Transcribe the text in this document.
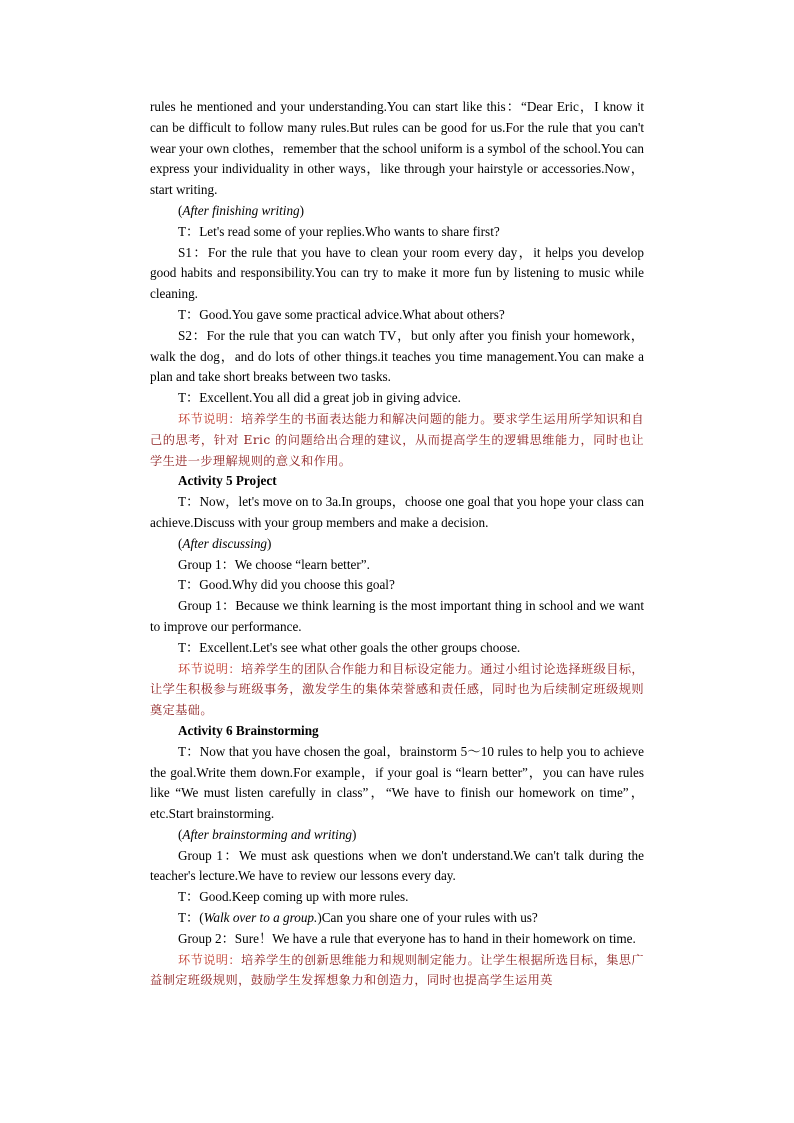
rules he mentioned and your understanding.You can start like this：“Dear Eric，I know it can be difficult to follow many rules.But rules can be good for us.For the rule that you can't wear your own clothes，remember that the school uniform is a symbol of the school.You can express your individuality in other ways，like through your hairstyle or accessories.Now，start writing.

(After finishing writing)

T：Let's read some of your replies.Who wants to share first?

S1：For the rule that you have to clean your room every day，it helps you develop good habits and responsibility.You can try to make it more fun by listening to music while cleaning.

T：Good.You gave some practical advice.What about others?

S2：For the rule that you can watch TV，but only after you finish your homework，walk the dog，and do lots of other things.it teaches you time management.You can make a plan and take short breaks between two tasks.

T：Excellent.You all did a great job in giving advice.

环节说明：培养学生的书面表达能力和解决问题的能力。要求学生运用所学知识和自己的思考，针对 Eric 的问题给出合理的建议，从而提高学生的逻辑思维能力，同时也让学生进一步理解规则的意义和作用。

Activity 5 Project

T：Now，let's move on to 3a.In groups，choose one goal that you hope your class can achieve.Discuss with your group members and make a decision.

(After discussing)

Group 1：We choose “learn better”.

T：Good.Why did you choose this goal?

Group 1：Because we think learning is the most important thing in school and we want to improve our performance.

T：Excellent.Let's see what other goals the other groups choose.

环节说明：培养学生的团队合作能力和目标设定能力。通过小组讨论选择班级目标，让学生积极参与班级事务，激发学生的集体荣誉感和责任感，同时也为后续制定班级规则奠定基础。

Activity 6 Brainstorming

T：Now that you have chosen the goal，brainstorm 5～10 rules to help you to achieve the goal.Write them down.For example，if your goal is “learn better”，you can have rules like “We must listen carefully in class”，“We have to finish our homework on time”，etc.Start brainstorming.

(After brainstorming and writing)

Group 1：We must ask questions when we don't understand.We can't talk during the teacher's lecture.We have to review our lessons every day.

T：Good.Keep coming up with more rules.

T：(Walk over to a group.)Can you share one of your rules with us?

Group 2：Sure！We have a rule that everyone has to hand in their homework on time.

环节说明：培养学生的创新思维能力和规则制定能力。让学生根据所选目标，集思广益制定班级规则，鼓励学生发挥想象力和创造力，同时也提高学生运用英
